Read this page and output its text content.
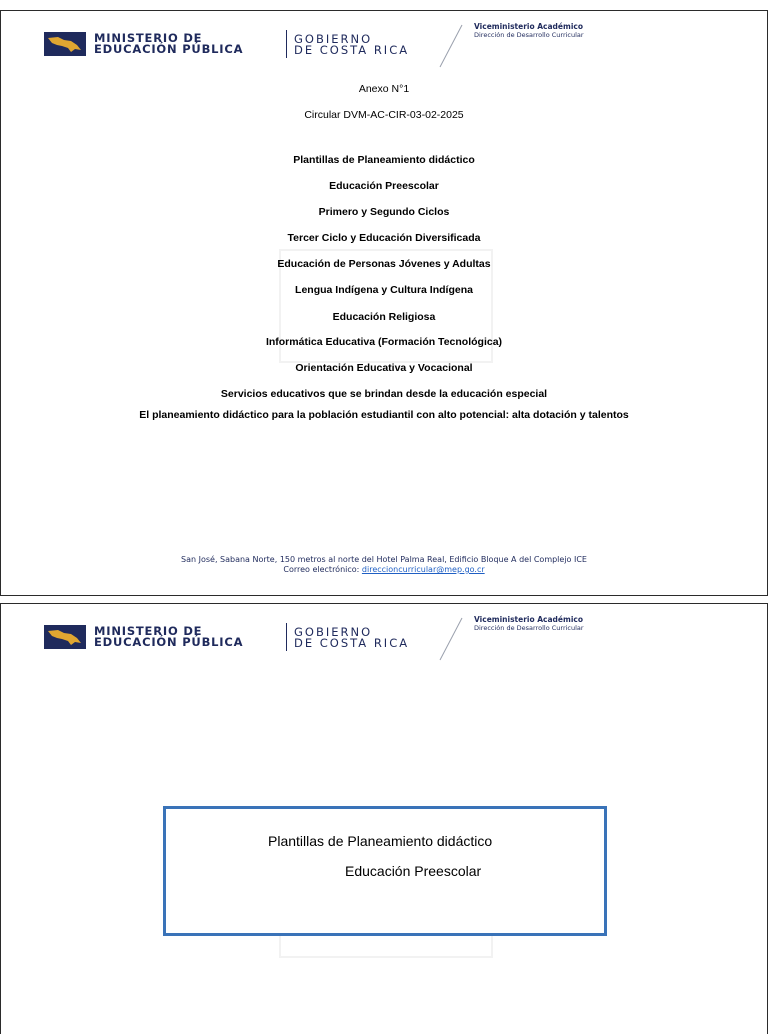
MINISTERIO DE
EDUCACIÓN PÚBLICA
GOBIERNO
DE COSTA RICA
Viceministerio Académico
Dirección de Desarrollo Curricular
Anexo N°1
Circular DVM-AC-CIR-03-02-2025
Plantillas de Planeamiento didáctico
Educación Preescolar
Primero y Segundo Ciclos
Tercer Ciclo y Educación Diversificada
Educación de Personas Jóvenes y Adultas
Lengua Indígena y Cultura Indígena
Educación Religiosa
Informática Educativa (Formación Tecnológica)
Orientación Educativa y Vocacional
Servicios educativos que se brindan desde la educación especial
El planeamiento didáctico para la población estudiantil con alto potencial: alta dotación y talentos
San José, Sabana Norte, 150 metros al norte del Hotel Palma Real, Edificio Bloque A del Complejo ICE
Correo electrónico: direccioncurricular@mep.go.cr
MINISTERIO DE
EDUCACIÓN PÚBLICA
GOBIERNO
DE COSTA RICA
Viceministerio Académico
Dirección de Desarrollo Curricular
Plantillas de Planeamiento didáctico
Educación Preescolar
